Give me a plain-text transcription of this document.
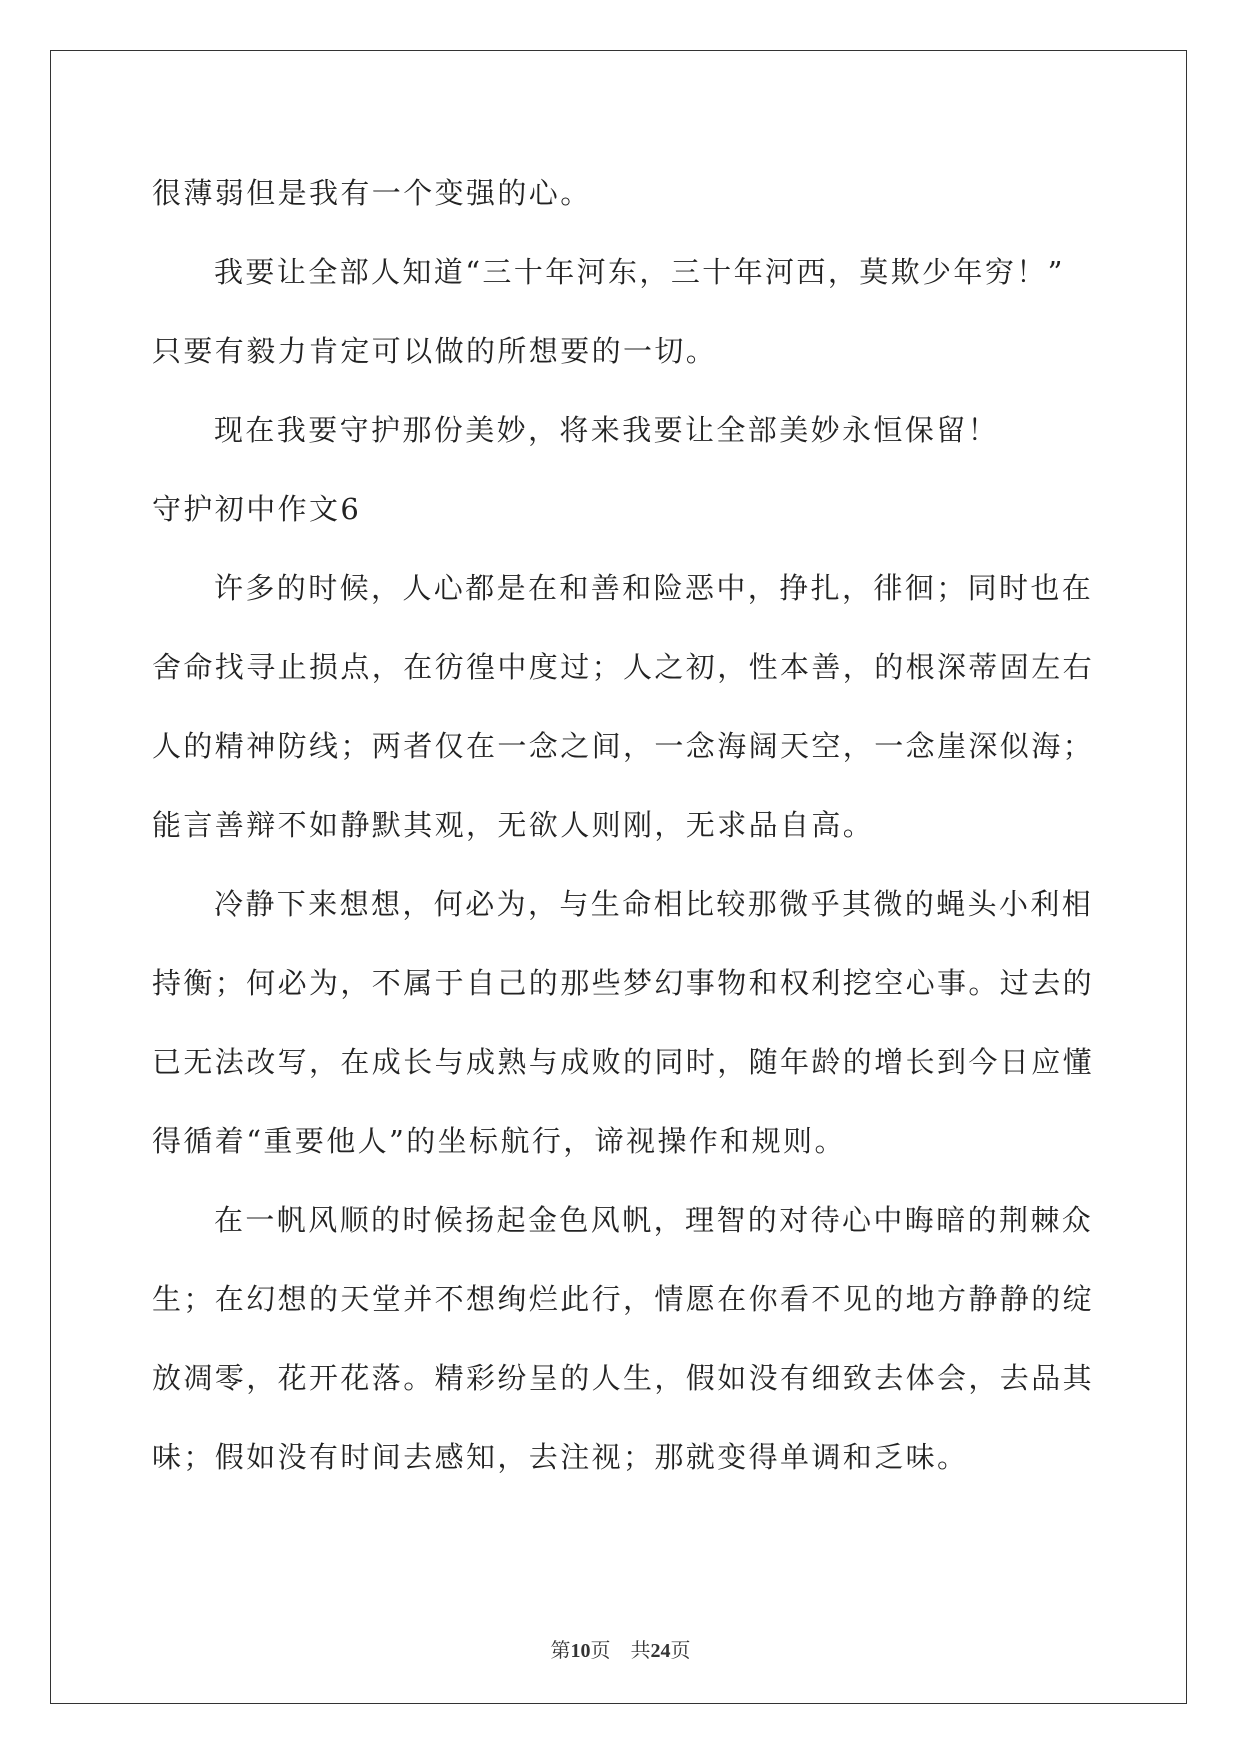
很薄弱但是我有一个变强的心。
我要让全部人知道“三十年河东，三十年河西，莫欺少年穷！”
只要有毅力肯定可以做的所想要的一切。
现在我要守护那份美妙，将来我要让全部美妙永恒保留！
守护初中作文6
许多的时候，人心都是在和善和险恶中，挣扎，徘徊；同时也在
舍命找寻止损点，在彷徨中度过；人之初，性本善，的根深蒂固左右
人的精神防线；两者仅在一念之间，一念海阔天空，一念崖深似海；
能言善辩不如静默其观，无欲人则刚，无求品自高。
冷静下来想想，何必为，与生命相比较那微乎其微的蝇头小利相
持衡；何必为，不属于自己的那些梦幻事物和权利挖空心事。过去的
已无法改写，在成长与成熟与成败的同时，随年龄的增长到今日应懂
得循着“重要他人”的坐标航行，谛视操作和规则。
在一帆风顺的时候扬起金色风帆，理智的对待心中晦暗的荆棘众
生；在幻想的天堂并不想绚烂此行，情愿在你看不见的地方静静的绽
放凋零，花开花落。精彩纷呈的人生，假如没有细致去体会，去品其
味；假如没有时间去感知，去注视；那就变得单调和乏味。
第10页 共24页
